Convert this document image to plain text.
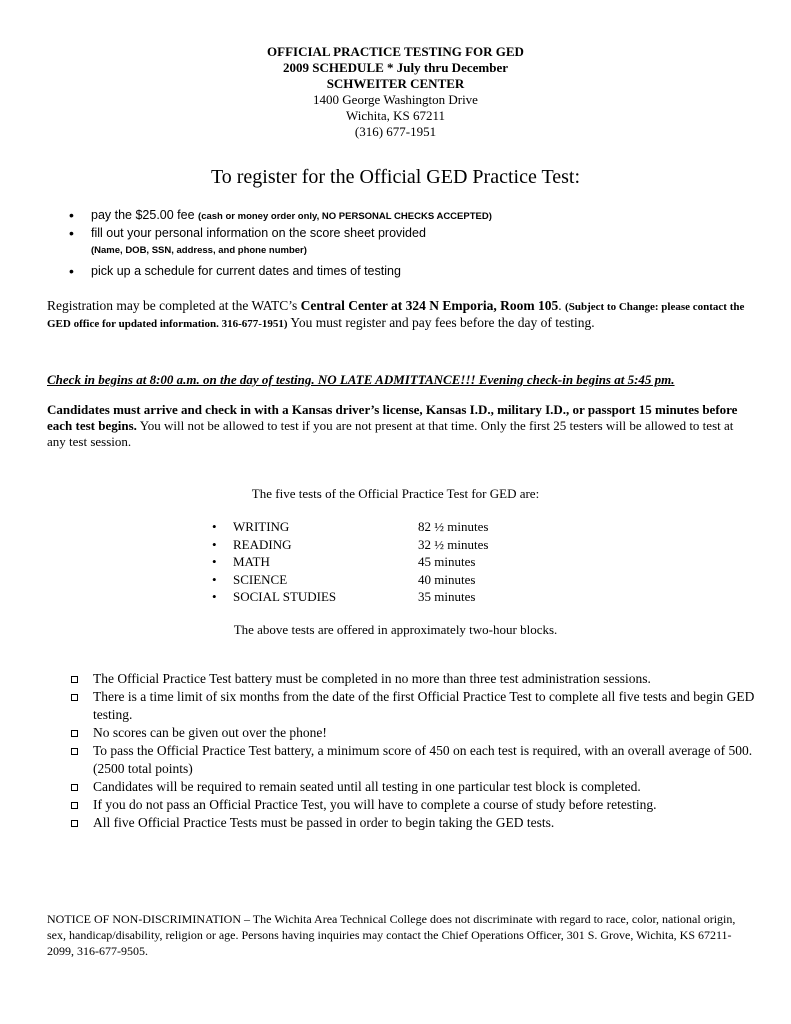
OFFICIAL PRACTICE TESTING FOR GED
2009 SCHEDULE * July thru December
SCHWEITER CENTER
1400 George Washington Drive
Wichita, KS 67211
(316) 677-1951
To register for the Official GED Practice Test:
• pay the $25.00 fee (cash or money order only, NO PERSONAL CHECKS ACCEPTED)
• fill out your personal information on the score sheet provided
(Name, DOB, SSN, address, and phone number)
• pick up a schedule for current dates and times of testing
Registration may be completed at the WATC’s Central Center at 324 N Emporia, Room 105. (Subject to Change: please contact the GED office for updated information. 316-677-1951) You must register and pay fees before the day of testing.
Check in begins at 8:00 a.m. on the day of testing. NO LATE ADMITTANCE!!! Evening check-in begins at 5:45 pm.
Candidates must arrive and check in with a Kansas driver’s license, Kansas I.D., military I.D., or passport 15 minutes before each test begins. You will not be allowed to test if you are not present at that time. Only the first 25 testers will be allowed to test at any test session.
The five tests of the Official Practice Test for GED are:
• WRITING	82 ½ minutes
• READING	32 ½ minutes
• MATH	45 minutes
• SCIENCE	40 minutes
• SOCIAL STUDIES	35 minutes
The above tests are offered in approximately two-hour blocks.
The Official Practice Test battery must be completed in no more than three test administration sessions.
There is a time limit of six months from the date of the first Official Practice Test to complete all five tests and begin GED testing.
No scores can be given out over the phone!
To pass the Official Practice Test battery, a minimum score of 450 on each test is required, with an overall average of 500. (2500 total points)
Candidates will be required to remain seated until all testing in one particular test block is completed.
If you do not pass an Official Practice Test, you will have to complete a course of study before retesting.
All five Official Practice Tests must be passed in order to begin taking the GED tests.
NOTICE OF NON-DISCRIMINATION – The Wichita Area Technical College does not discriminate with regard to race, color, national origin, sex, handicap/disability, religion or age. Persons having inquiries may contact the Chief Operations Officer, 301 S. Grove, Wichita, KS 67211-2099, 316-677-9505.
